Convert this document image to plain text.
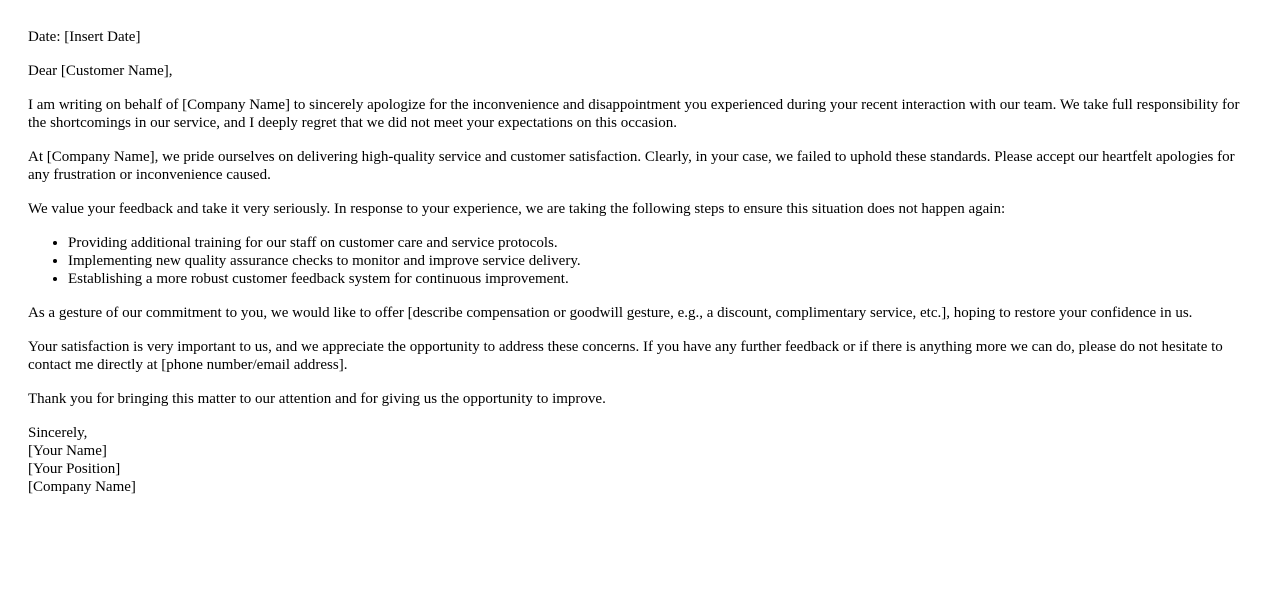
Date: [Insert Date]

Dear [Customer Name],

I am writing on behalf of [Company Name] to sincerely apologize for the inconvenience and disappointment you experienced during your recent interaction with our team. We take full responsibility for the shortcomings in our service, and I deeply regret that we did not meet your expectations on this occasion.

At [Company Name], we pride ourselves on delivering high-quality service and customer satisfaction. Clearly, in your case, we failed to uphold these standards. Please accept our heartfelt apologies for any frustration or inconvenience caused.

We value your feedback and take it very seriously. In response to your experience, we are taking the following steps to ensure this situation does not happen again:

• Providing additional training for our staff on customer care and service protocols.
• Implementing new quality assurance checks to monitor and improve service delivery.
• Establishing a more robust customer feedback system for continuous improvement.

As a gesture of our commitment to you, we would like to offer [describe compensation or goodwill gesture, e.g., a discount, complimentary service, etc.], hoping to restore your confidence in us.

Your satisfaction is very important to us, and we appreciate the opportunity to address these concerns. If you have any further feedback or if there is anything more we can do, please do not hesitate to contact me directly at [phone number/email address].

Thank you for bringing this matter to our attention and for giving us the opportunity to improve.

Sincerely,
[Your Name]
[Your Position]
[Company Name]
